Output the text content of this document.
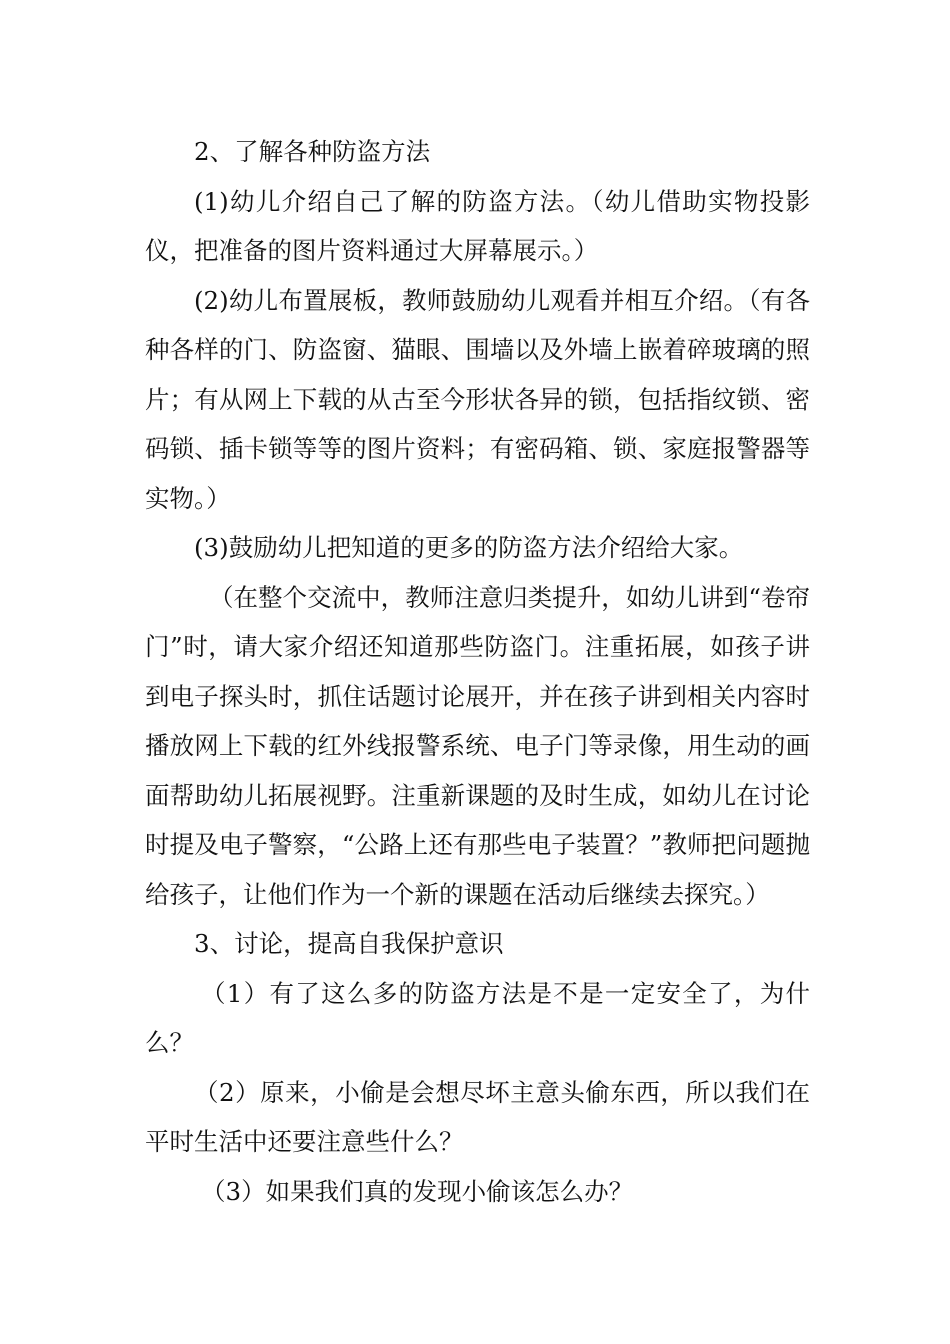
2、了解各种防盗方法

(1)幼儿介绍自己了解的防盗方法。（幼儿借助实物投影仪，把准备的图片资料通过大屏幕展示。）

(2)幼儿布置展板，教师鼓励幼儿观看并相互介绍。（有各种各样的门、防盗窗、猫眼、围墙以及外墙上嵌着碎玻璃的照片；有从网上下载的从古至今形状各异的锁，包括指纹锁、密码锁、插卡锁等等的图片资料；有密码箱、锁、家庭报警器等实物。）

(3)鼓励幼儿把知道的更多的防盗方法介绍给大家。

（在整个交流中，教师注意归类提升，如幼儿讲到“卷帘门”时，请大家介绍还知道那些防盗门。注重拓展，如孩子讲到电子探头时，抓住话题讨论展开，并在孩子讲到相关内容时播放网上下载的红外线报警系统、电子门等录像，用生动的画面帮助幼儿拓展视野。注重新课题的及时生成，如幼儿在讨论时提及电子警察，“公路上还有那些电子装置？”教师把问题抛给孩子，让他们作为一个新的课题在活动后继续去探究。）

3、讨论，提高自我保护意识

（1）有了这么多的防盗方法是不是一定安全了，为什么？

（2）原来，小偷是会想尽坏主意头偷东西，所以我们在平时生活中还要注意些什么？

（3）如果我们真的发现小偷该怎么办？
